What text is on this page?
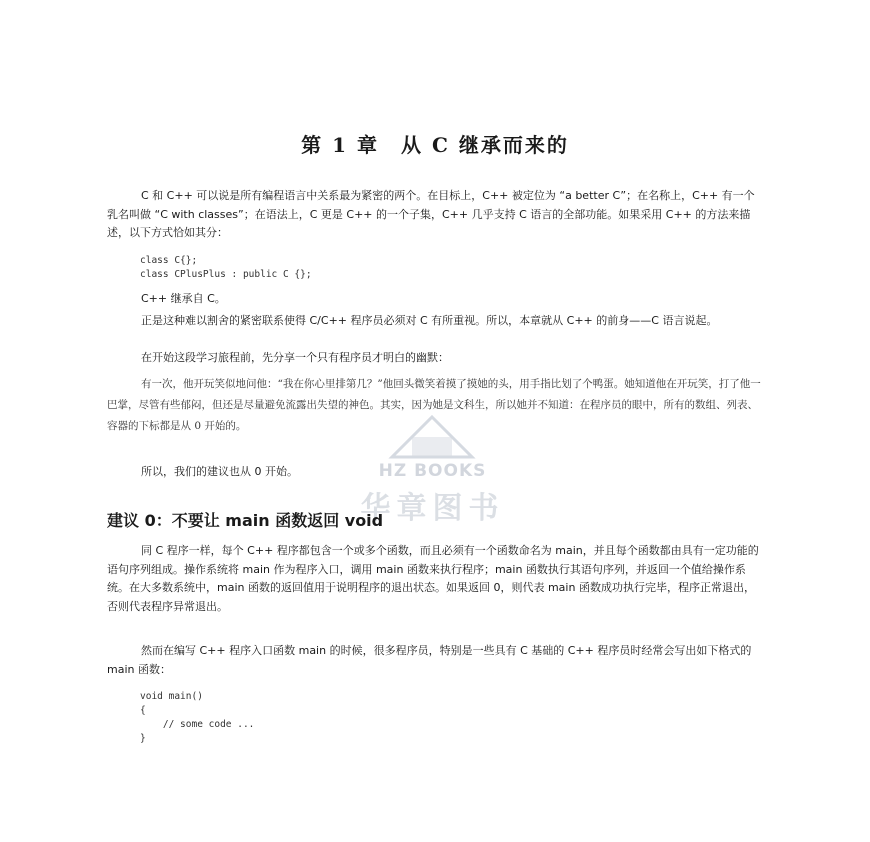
HZ BOOKS
华章图书
第 1 章　从 C 继承而来的

C 和 C++ 可以说是所有编程语言中关系最为紧密的两个。在目标上，C++ 被定位为 “a better C”；在名称上，C++ 有一个乳名叫做 “C with classes”；在语法上，C 更是 C++ 的一个子集，C++ 几乎支持 C 语言的全部功能。如果采用 C++ 的方法来描述，以下方式恰如其分：

class C{};
class CPlusPlus : public C {};

C++ 继承自 C。

正是这种难以割舍的紧密联系使得 C/C++ 程序员必须对 C 有所重视。所以，本章就从 C++ 的前身——C 语言说起。

在开始这段学习旅程前，先分享一个只有程序员才明白的幽默：

有一次，他开玩笑似地问他：“我在你心里排第几？”他回头微笑着摸了摸她的头，用手指比划了个鸭蛋。她知道他在开玩笑，打了他一巴掌，尽管有些郁闷，但还是尽量避免流露出失望的神色。其实，因为她是文科生，所以她并不知道：在程序员的眼中，所有的数组、列表、容器的下标都是从 0 开始的。

所以，我们的建议也从 0 开始。

建议 0：不要让 main 函数返回 void

同 C 程序一样，每个 C++ 程序都包含一个或多个函数，而且必须有一个函数命名为 main，并且每个函数都由具有一定功能的语句序列组成。操作系统将 main 作为程序入口，调用 main 函数来执行程序；main 函数执行其语句序列，并返回一个值给操作系统。在大多数系统中，main 函数的返回值用于说明程序的退出状态。如果返回 0，则代表 main 函数成功执行完毕，程序正常退出，否则代表程序异常退出。

然而在编写 C++ 程序入口函数 main 的时候，很多程序员，特别是一些具有 C 基础的 C++ 程序员时经常会写出如下格式的 main 函数：

void main()
{
// some code ...
}
